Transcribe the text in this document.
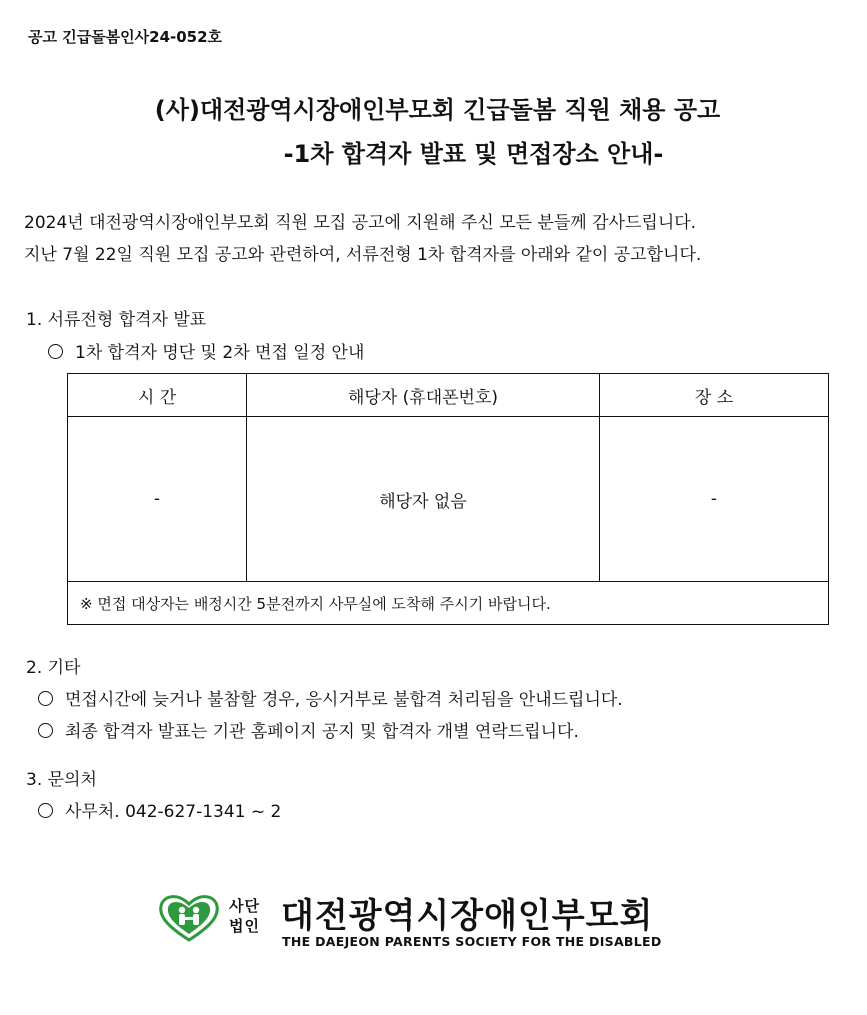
공고 긴급돌봄인사24-052호
(사)대전광역시장애인부모회 긴급돌봄 직원 채용 공고
-1차 합격자 발표 및 면접장소 안내-
2024년 대전광역시장애인부모회 직원 모집 공고에 지원해 주신 모든 분들께 감사드립니다.
지난 7월 22일 직원 모집 공고와 관련하여, 서류전형 1차 합격자를 아래와 같이 공고합니다.
1. 서류전형 합격자 발표
1차 합격자 명단 및 2차 면접 일정 안내
시 간	해당자 (휴대폰번호)	장 소
-	해당자 없음	-
※ 면접 대상자는 배정시간 5분전까지 사무실에 도착해 주시기 바랍니다.		
2. 기타
면접시간에 늦거나 불참할 경우, 응시거부로 불합격 처리됨을 안내드립니다.
최종 합격자 발표는 기관 홈페이지 공지 및 합격자 개별 연락드립니다.
3. 문의처
사무처. 042-627-1341 ~ 2
사단
법인 대전광역시장애인부모회
THE DAEJEON PARENTS SOCIETY FOR THE DISABLED
